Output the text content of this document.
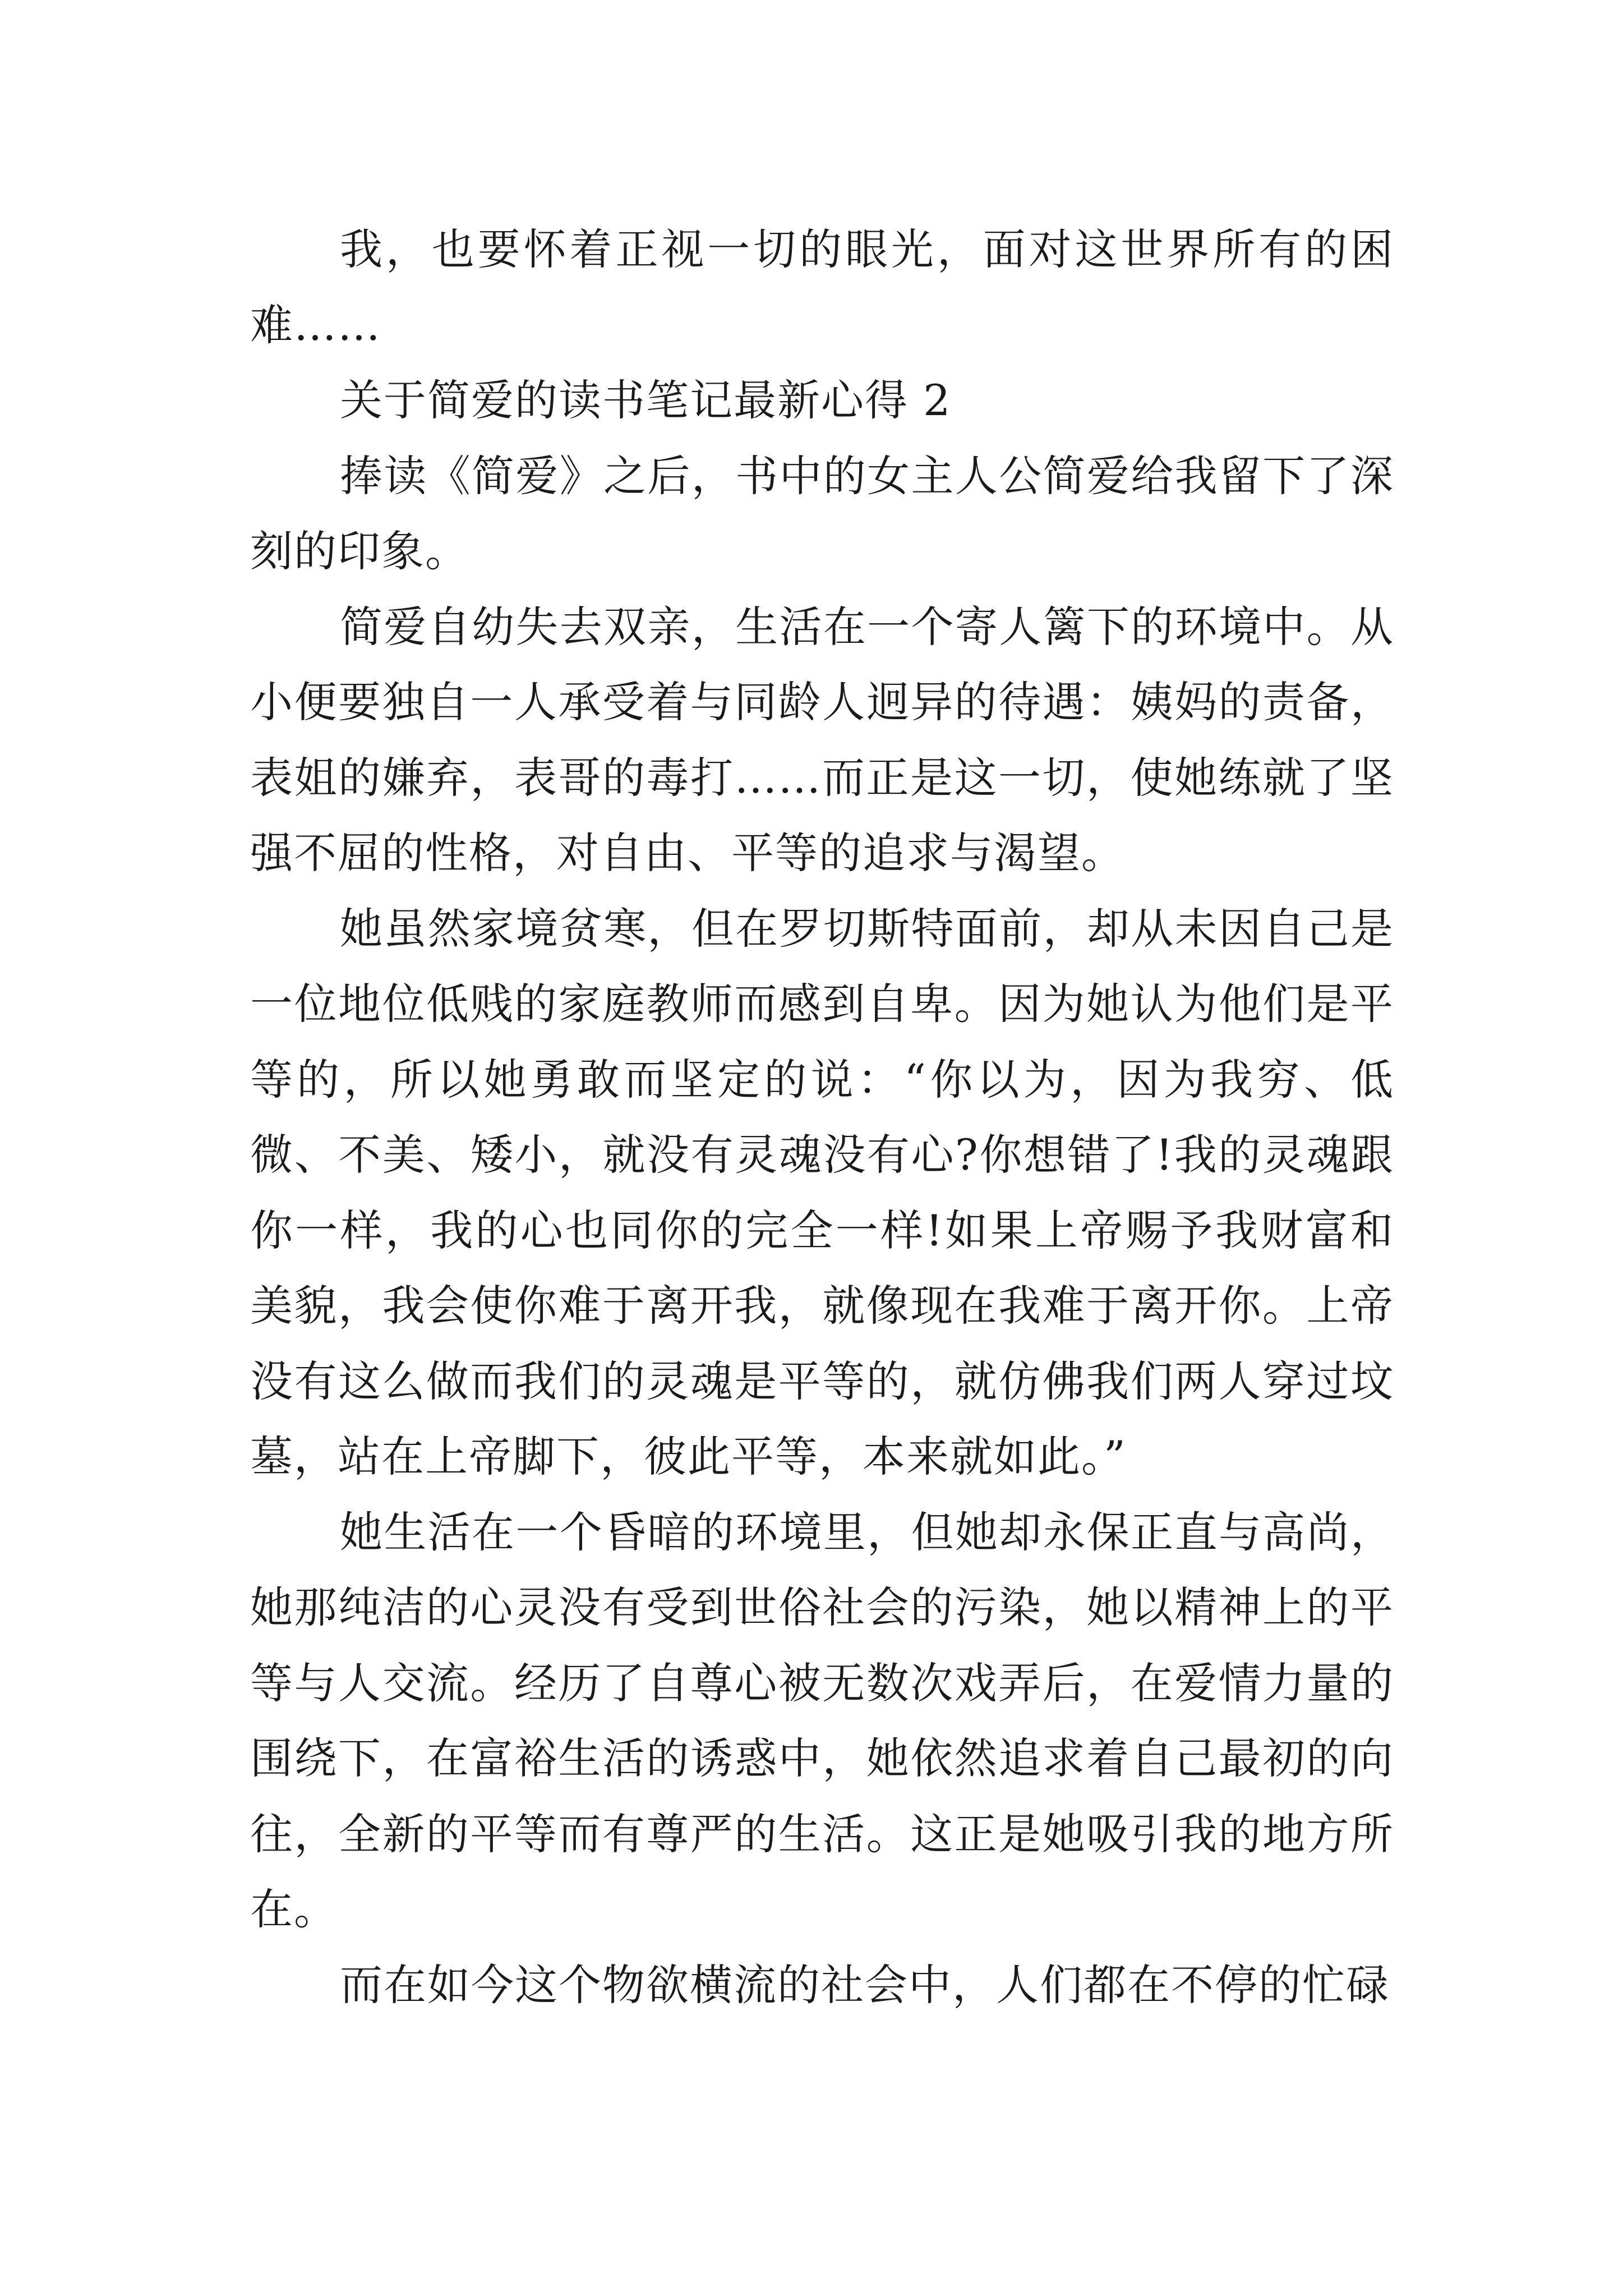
我，也要怀着正视一切的眼光，面对这世界所有的困难……

关于简爱的读书笔记最新心得 2

捧读《简爱》之后，书中的女主人公简爱给我留下了深刻的印象。

简爱自幼失去双亲，生活在一个寄人篱下的环境中。从小便要独自一人承受着与同龄人迥异的待遇：姨妈的责备，表姐的嫌弃，表哥的毒打……而正是这一切，使她练就了坚强不屈的性格，对自由、平等的追求与渴望。

她虽然家境贫寒，但在罗切斯特面前，却从未因自己是一位地位低贱的家庭教师而感到自卑。因为她认为他们是平等的，所以她勇敢而坚定的说：“你以为，因为我穷、低微、不美、矮小，就没有灵魂没有心?你想错了!我的灵魂跟你一样，我的心也同你的完全一样!如果上帝赐予我财富和美貌，我会使你难于离开我，就像现在我难于离开你。上帝没有这么做而我们的灵魂是平等的，就仿佛我们两人穿过坟墓，站在上帝脚下，彼此平等，本来就如此。”

她生活在一个昏暗的环境里，但她却永保正直与高尚，她那纯洁的心灵没有受到世俗社会的污染，她以精神上的平等与人交流。经历了自尊心被无数次戏弄后，在爱情力量的围绕下，在富裕生活的诱惑中，她依然追求着自己最初的向往，全新的平等而有尊严的生活。这正是她吸引我的地方所在。

而在如今这个物欲横流的社会中，人们都在不停的忙碌
